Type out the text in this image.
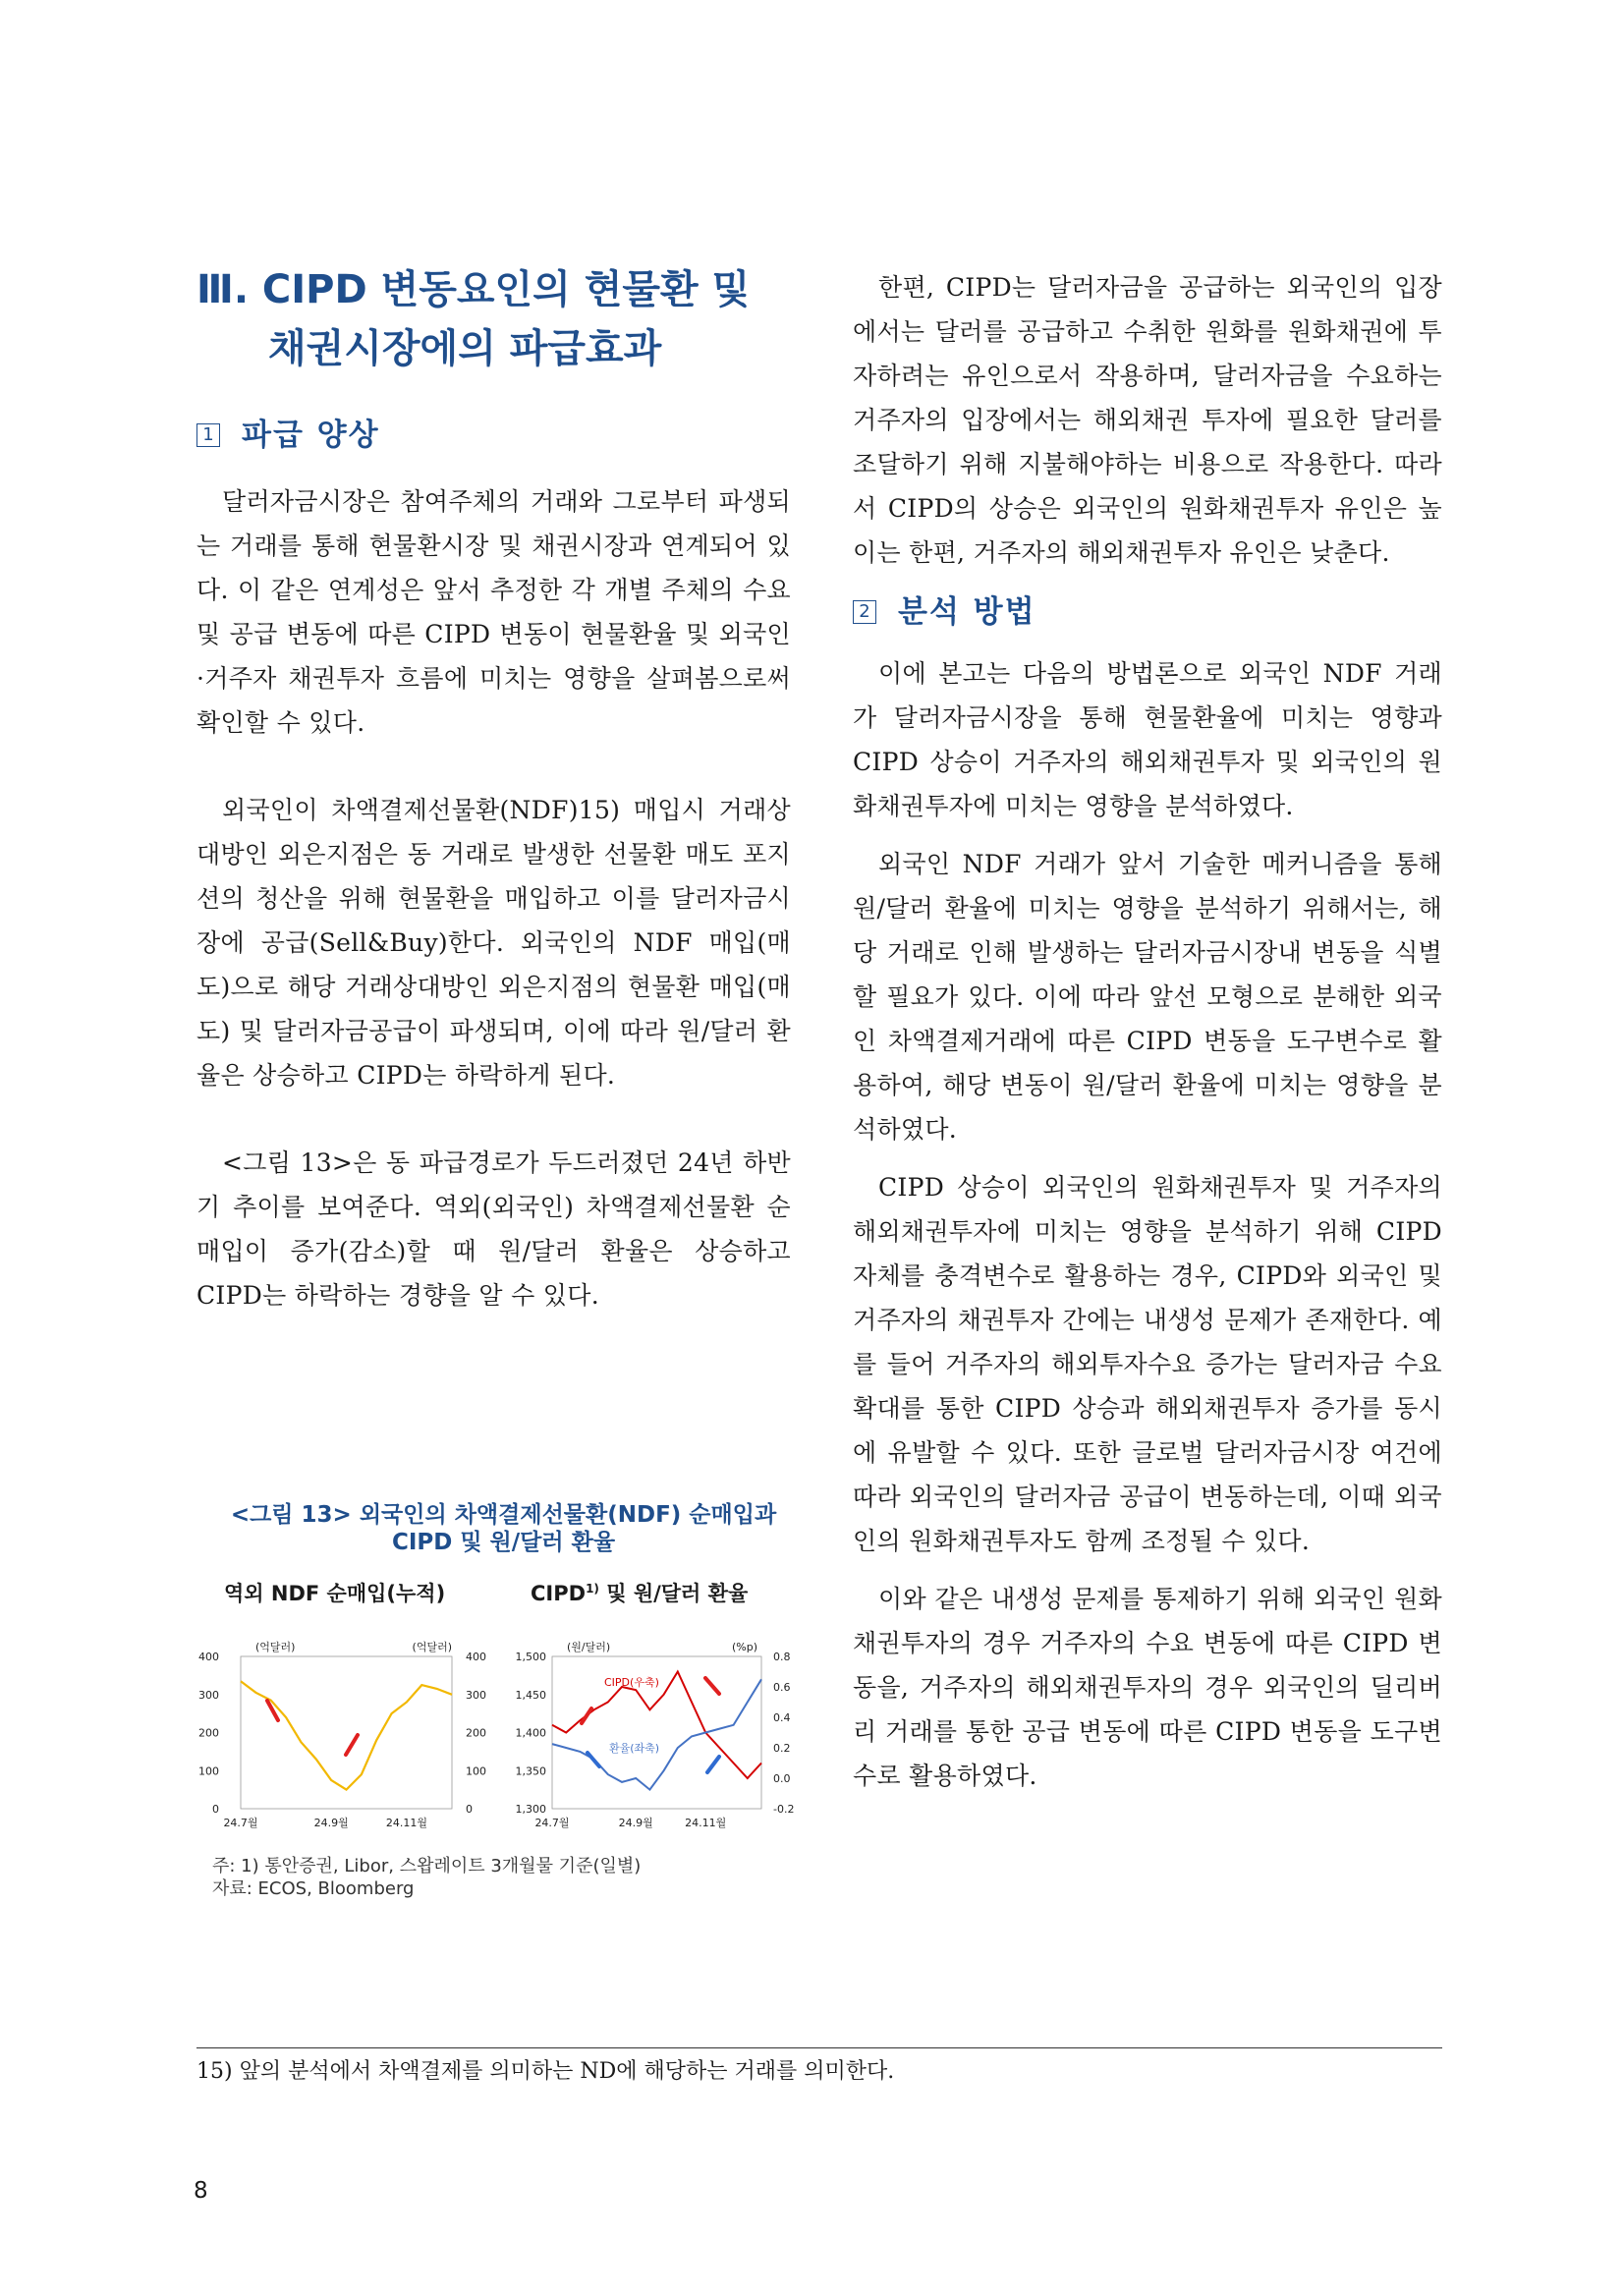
Ⅲ. CIPD 변동요인의 현물환 및
채권시장에의 파급효과
1 파급 양상

달러자금시장은 참여주체의 거래와 그로부터 파생되는 거래를 통해 현물환시장 및 채권시장과 연계되어 있다. 이 같은 연계성은 앞서 추정한 각 개별 주체의 수요 및 공급 변동에 따른 CIPD 변동이 현물환율 및 외국인·거주자 채권투자 흐름에 미치는 영향을 살펴봄으로써 확인할 수 있다.

외국인이 차액결제선물환(NDF)15) 매입시 거래상대방인 외은지점은 동 거래로 발생한 선물환 매도 포지션의 청산을 위해 현물환을 매입하고 이를 달러자금시장에 공급(Sell&Buy)한다. 외국인의 NDF 매입(매도)으로 해당 거래상대방인 외은지점의 현물환 매입(매도) 및 달러자금공급이 파생되며, 이에 따라 원/달러 환율은 상승하고 CIPD는 하락하게 된다.

<그림 13>은 동 파급경로가 두드러졌던 24년 하반기 추이를 보여준다. 역외(외국인) 차액결제선물환 순매입이 증가(감소)할 때 원/달러 환율은 상승하고 CIPD는 하락하는 경향을 알 수 있다.

<그림 13> 외국인의 차액결제선물환(NDF) 순매입과

CIPD 및 원/달러 환율

역외 NDF 순매입(누적)	CIPD$^{1)}$ 및 원/달러 환율
(억달러)	(억달러)
0	0
100	100
200	200
300	300
400	400
24.7월	24.9월	24.11월
(원/달러)	(%p)
1,300
1,350
1,400
1,450
1,500
-0.2
0.0
0.2
0.4
0.6
0.8
24.7월	24.9월	24.11월
CIPD(우축)
환율(좌축)

주: 1) 통안증권, Libor, 스왑레이트 3개월물 기준(일별)

자료: ECOS, Bloomberg

한편, CIPD는 달러자금을 공급하는 외국인의 입장에서는 달러를 공급하고 수취한 원화를 원화채권에 투자하려는 유인으로서 작용하며, 달러자금을 수요하는 거주자의 입장에서는 해외채권 투자에 필요한 달러를 조달하기 위해 지불해야하는 비용으로 작용한다. 따라서 CIPD의 상승은 외국인의 원화채권투자 유인은 높이는 한편, 거주자의 해외채권투자 유인은 낮춘다.

2 분석 방법

이에 본고는 다음의 방법론으로 외국인 NDF 거래가 달러자금시장을 통해 현물환율에 미치는 영향과 CIPD 상승이 거주자의 해외채권투자 및 외국인의 원화채권투자에 미치는 영향을 분석하였다.

외국인 NDF 거래가 앞서 기술한 메커니즘을 통해 원/달러 환율에 미치는 영향을 분석하기 위해서는, 해당 거래로 인해 발생하는 달러자금시장내 변동을 식별할 필요가 있다. 이에 따라 앞선 모형으로 분해한 외국인 차액결제거래에 따른 CIPD 변동을 도구변수로 활용하여, 해당 변동이 원/달러 환율에 미치는 영향을 분석하였다.

CIPD 상승이 외국인의 원화채권투자 및 거주자의 해외채권투자에 미치는 영향을 분석하기 위해 CIPD 자체를 충격변수로 활용하는 경우, CIPD와 외국인 및 거주자의 채권투자 간에는 내생성 문제가 존재한다. 예를 들어 거주자의 해외투자수요 증가는 달러자금 수요 확대를 통한 CIPD 상승과 해외채권투자 증가를 동시에 유발할 수 있다. 또한 글로벌 달러자금시장 여건에 따라 외국인의 달러자금 공급이 변동하는데, 이때 외국인의 원화채권투자도 함께 조정될 수 있다.

이와 같은 내생성 문제를 통제하기 위해 외국인 원화채권투자의 경우 거주자의 수요 변동에 따른 CIPD 변동을, 거주자의 해외채권투자의 경우 외국인의 딜리버리 거래를 통한 공급 변동에 따른 CIPD 변동을 도구변수로 활용하였다.

15) 앞의 분석에서 차액결제를 의미하는 ND에 해당하는 거래를 의미한다.
8
